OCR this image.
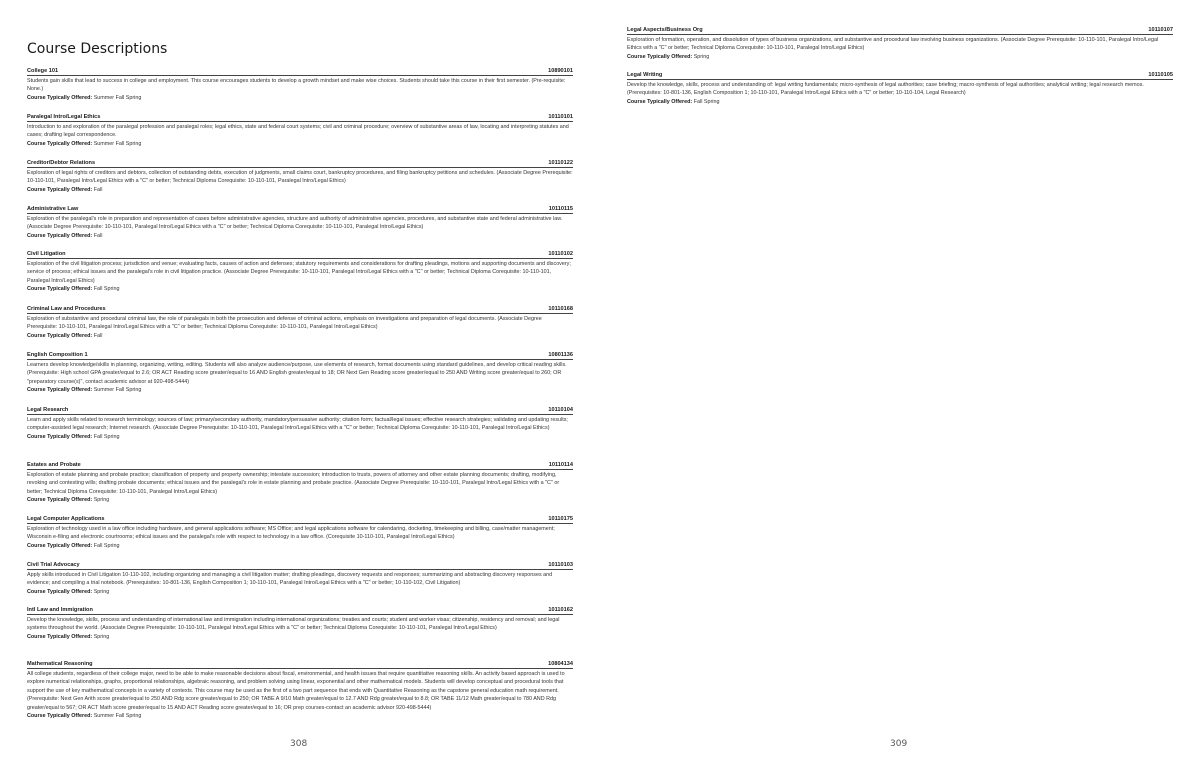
Course Descriptions
College 101	10890101
Students gain skills that lead to success in college and employment. This course encourages students to develop a growth mindset and make wise choices. Students should take this course in their first semester. (Pre-requisite: None.)
Course Typically Offered: Summer Fall Spring
Paralegal Intro/Legal Ethics	10110101
Introduction to and exploration of the paralegal profession and paralegal roles; legal ethics, state and federal court systems; civil and criminal procedure; overview of substantive areas of law, locating and interpreting statutes and cases; drafting legal correspondence.
Course Typically Offered: Summer Fall Spring
Creditor/Debtor Relations	10110122
Exploration of legal rights of creditors and debtors, collection of outstanding debts, execution of judgments, small claims court, bankruptcy procedures, and filing bankruptcy petitions and schedules. (Associate Degree Prerequisite: 10-110-101, Paralegal Intro/Legal Ethics with a "C" or better; Technical Diploma Corequisite: 10-110-101, Paralegal Intro/Legal Ethics)
Course Typically Offered: Fall
Administrative Law	10110115
Exploration of the paralegal's role in preparation and representation of cases before administrative agencies, structure and authority of administrative agencies, procedures, and substantive state and federal administrative law. (Associate Degree Prerequisite: 10-110-101, Paralegal Intro/Legal Ethics with a "C" or better; Technical Diploma Corequisite: 10-110-101, Paralegal Intro/Legal Ethics)
Course Typically Offered: Fall
Civil Litigation	10110102
Exploration of the civil litigation process; jurisdiction and venue; evaluating facts, causes of action and defenses; statutory requirements and considerations for drafting pleadings, motions and supporting documents and discovery; service of process; ethical issues and the paralegal's role in civil litigation practice. (Associate Degree Prerequisite: 10-110-101, Paralegal Intro/Legal Ethics with a "C" or better; Technical Diploma Corequisite: 10-110-101, Paralegal Intro/Legal Ethics)
Course Typically Offered: Fall Spring
Criminal Law and Procedures	10110168
Exploration of substantive and procedural criminal law, the role of paralegals in both the prosecution and defense of criminal actions, emphasis on investigations and preparation of legal documents. (Associate Degree Prerequisite: 10-110-101, Paralegal Intro/Legal Ethics with a "C" or better; Technical Diploma Corequisite: 10-110-101, Paralegal Intro/Legal Ethics)
Course Typically Offered: Fall
English Composition 1	10801136
Learners develop knowledge/skills in planning, organizing, writing, editing. Students will also analyze audience/purpose, use elements of research, format documents using standard guidelines, and develop critical reading skills. (Prerequisite: High school GPA greater/equal to 2.6; OR ACT Reading score greater/equal to 16 AND English greater/equal to 18; OR Next Gen Reading score greater/equal to 250 AND Writing score greater/equal to 260; OR "preparatory course(s)", contact academic advisor at 920-498-5444)
Course Typically Offered: Summer Fall Spring
Legal Research	10110104
Learn and apply skills related to research terminology; sources of law; primary/secondary authority, mandatory/persuasive authority; citation form; factual/legal issues; effective research strategies; validating and updating results; computer-assisted legal research; Internet research. (Associate Degree Prerequisite: 10-110-101, Paralegal Intro/Legal Ethics with a "C" or better; Technical Diploma Corequisite: 10-110-101, Paralegal Intro/Legal Ethics)
Course Typically Offered: Fall Spring
Estates and Probate	10110114
Exploration of estate planning and probate practice; classification of property and property ownership; intestate succession; introduction to trusts, powers of attorney and other estate planning documents; drafting, modifying, revoking and contesting wills; drafting probate documents; ethical issues and the paralegal's role in estate planning and probate practice. (Associate Degree Prerequisite: 10-110-101, Paralegal Intro/Legal Ethics with a "C" or better; Technical Diploma Corequisite: 10-110-101, Paralegal Intro/Legal Ethics)
Course Typically Offered: Spring
Legal Computer Applications	10110175
Exploration of technology used in a law office including hardware, and general applications software; MS Office; and legal applications software for calendaring, docketing, timekeeping and billing, case/matter management; Wisconsin e-filing and electronic courtrooms; ethical issues and the paralegal's role with respect to technology in a law office. (Corequisite 10-110-101, Paralegal Intro/Legal Ethics)
Course Typically Offered: Fall Spring
Civil Trial Advocacy	10110103
Apply skills introduced in Civil Litigation 10-110-102, including organizing and managing a civil litigation matter; drafting pleadings, discovery requests and responses; summarizing and abstracting discovery responses and evidence; and compiling a trial notebook. (Prerequisites: 10-801-136, English Composition 1; 10-110-101, Paralegal Intro/Legal Ethics with a "C" or better; 10-110-102, Civil Litigation)
Course Typically Offered: Spring
Intl Law and Immigration	10110162
Develop the knowledge, skills, process and understanding of international law and immigration including international organizations; treaties and courts; student and worker visas; citizenship, residency and removal; and legal systems throughout the world. (Associate Degree Prerequisite: 10-110-101, Paralegal Intro/Legal Ethics with a "C" or better; Technical Diploma Corequisite: 10-110-101, Paralegal Intro/Legal Ethics)
Course Typically Offered: Spring
Mathematical Reasoning	10804134
All college students, regardless of their college major, need to be able to make reasonable decisions about fiscal, environmental, and health issues that require quantitative reasoning skills. An activity based approach is used to explore numerical relationships, graphs, proportional relationships, algebraic reasoning, and problem solving using linear, exponential and other mathematical models. Students will develop conceptual and procedural tools that support the use of key mathematical concepts in a variety of contexts. This course may be used as the first of a two part sequence that ends with Quantitative Reasoning as the capstone general education math requirement. (Prerequisite: Next Gen Arith score greater/equal to 250 AND Rdg score greater/equal to 250; OR TABE A 9/10 Math greater/equal to 12.7 AND Rdg greater/equal to 8.8; OR TABE 11/12 Math greater/equal to 780 AND Rdg greater/equal to 567; OR ACT Math score greater/equal to 15 AND ACT Reading score greater/equal to 16; OR prep courses-contact an academic advisor 920-498-5444)
Course Typically Offered: Summer Fall Spring
308
Legal Aspects/Business Org	10110107
Exploration of formation, operation, and dissolution of types of business organizations, and substantive and procedural law involving business organizations. (Associate Degree Prerequisite: 10-110-101, Paralegal Intro/Legal Ethics with a "C" or better; Technical Diploma Corequisite: 10-110-101, Paralegal Intro/Legal Ethics)
Course Typically Offered: Spring
Legal Writing	10110105
Develop the knowledge, skills, process and understanding of: legal writing fundamentals; micro-synthesis of legal authorities; case briefing; macro-synthesis of legal authorities; analytical writing; legal research memos. (Prerequisites: 10-801-136, English Composition 1; 10-110-101, Paralegal Intro/Legal Ethics with a "C" or better; 10-110-104, Legal Research)
Course Typically Offered: Fall Spring
309
